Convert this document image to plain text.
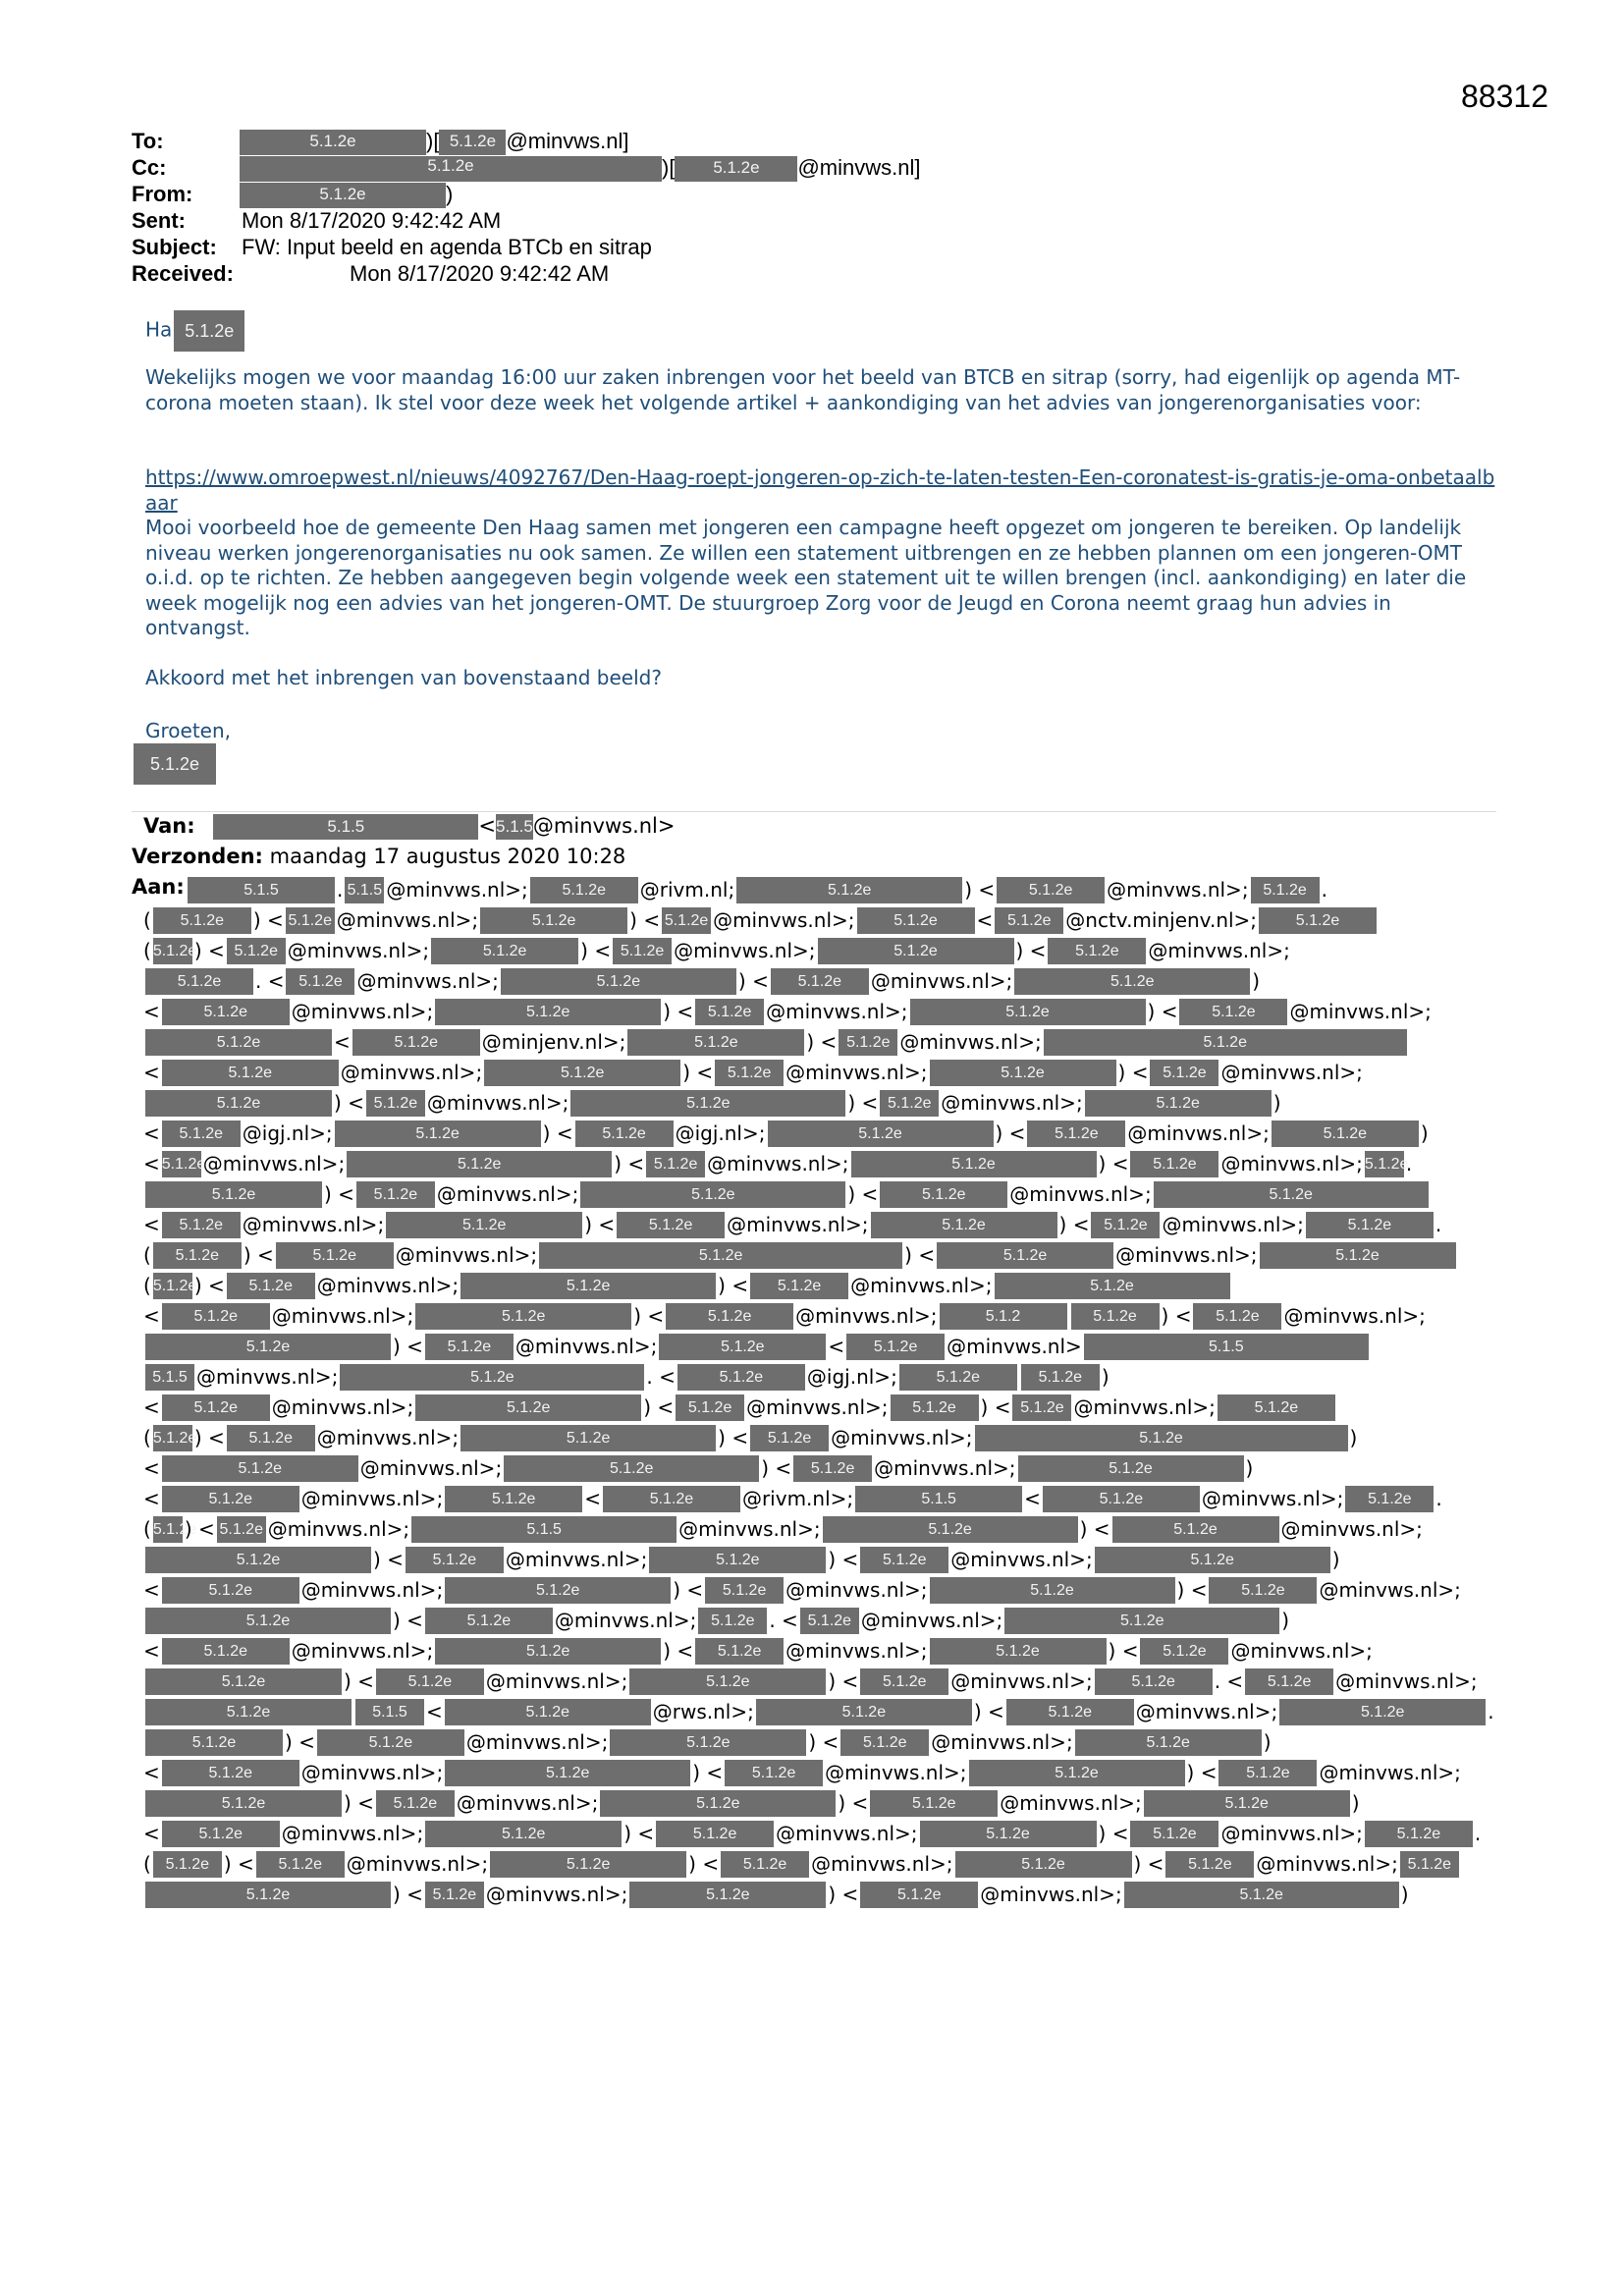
88312
To:	5.1.2e	)[ 5.1.2e @minvws.nl]
Cc:	5.1.2e	)[ 5.1.2e @minvws.nl]
From:	5.1.2e	)
Sent:	Mon 8/17/2020 9:42:42 AM
Subject: FW: Input beeld en agenda BTCb en sitrap
Received:	Mon 8/17/2020 9:42:42 AM
Ha 5.1.2e
Wekelijks mogen we voor maandag 16:00 uur zaken inbrengen voor het beeld van BTCB en sitrap (sorry, had eigenlijk op agenda MT-corona moeten staan). Ik stel voor deze week het volgende artikel + aankondiging van het advies van jongerenorganisaties voor:
https://www.omroepwest.nl/nieuws/4092767/Den-Haag-roept-jongeren-op-zich-te-laten-testen-Een-coronatest-is-gratis-je-oma-onbetaalbaar
Mooi voorbeeld hoe de gemeente Den Haag samen met jongeren een campagne heeft opgezet om jongeren te bereiken. Op landelijk niveau werken jongerenorganisaties nu ook samen. Ze willen een statement uitbrengen en ze hebben plannen om een jongeren-OMT o.i.d. op te richten. Ze hebben aangegeven begin volgende week een statement uit te willen brengen (incl. aankondiging) en later die week mogelijk nog een advies van het jongeren-OMT. De stuurgroep Zorg voor de Jeugd en Corona neemt graag hun advies in ontvangst.
Akkoord met het inbrengen van bovenstaand beeld?
Groeten,
5.1.2e
Van:	5.1.5	<5.1.5@minvws.nl>
Verzonden: maandag 17 augustus 2020 10:28
Aan:	5.1.5	. 5.1.5 @minvws.nl>; 5.1.2e @rivm.nl;	5.1.2e	) < 5.1.2e @minvws.nl>; 5.1.2e .
( 5.1.2e ) < 5.1.2e @minvws.nl>;	5.1.2e	) < 5.1.2e @minvws.nl>; 5.1.2e < 5.1.2e @nctv.minjenv.nl>; 5.1.2e
( 5.1.2e) < 5.1.2e @minvws.nl>;	5.1.2e	) < 5.1.2e @minvws.nl>;	5.1.2e	) < 5.1.2e @minvws.nl>;
5.1.2e . < 5.1.2e @minvws.nl>;	5.1.2e	) < 5.1.2e @minvws.nl>;	5.1.2e	)
<	5.1.2e @minvws.nl>;	5.1.2e	) < 5.1.2e @minvws.nl>;	5.1.2e	) < 5.1.2e @minvws.nl>;
5.1.2e	<	5.1.2e @minjenv.nl>;	5.1.2e	) < 5.1.2e @minvws.nl>;	5.1.2e
<	5.1.2e	@minvws.nl>;	5.1.2e	) < 5.1.2e @minvws.nl>;	5.1.2e	) < 5.1.2e @minvws.nl>;
5.1.2e	) < 5.1.2e @minvws.nl>;	5.1.2e	) < 5.1.2e @minvws.nl>;	5.1.2e	)
< 5.1.2e @igj.nl>;	5.1.2e	) < 5.1.2e @igj.nl>;	5.1.2e	) < 5.1.2e @minvws.nl>;	5.1.2e	)
< 5.1.2e@minvws.nl>;	5.1.2e	) < 5.1.2e @minvws.nl>;	5.1.2e	) < 5.1.2e @minvws.nl>; 5.1.2e.
5.1.2e	) < 5.1.2e @minvws.nl>;	5.1.2e	) <	5.1.2e @minvws.nl>;	5.1.2e
< 5.1.2e @minvws.nl>;	5.1.2e	) < 5.1.2e @minvws.nl>;	5.1.2e	) < 5.1.2e @minvws.nl>;	5.1.2e .
( 5.1.2e ) < 5.1.2e @minvws.nl>;	5.1.2e	) <	5.1.2e	@minvws.nl>;	5.1.2e
( 5.1.2e) < 5.1.2e @minvws.nl>;	5.1.2e	) < 5.1.2e @minvws.nl>;	5.1.2e
< 5.1.2e @minvws.nl>;	5.1.2e	) <	5.1.2e @minvws.nl>;	5.1.2	5.1.2e ) < 5.1.2e @minvws.nl>;
5.1.2e	) < 5.1.2e @minvws.nl>;	5.1.2e	< 5.1.2e @minvws.nl>	5.1.5
5.1.5 @minvws.nl>;	5.1.2e	. <	5.1.2e @igj.nl>; 5.1.2e	5.1.2e )
< 5.1.2e @minvws.nl>;	5.1.2e	) < 5.1.2e @minvws.nl>; 5.1.2e ) < 5.1.2e @minvws.nl>; 5.1.2e
( 5.1.2e) < 5.1.2e @minvws.nl>;	5.1.2e	) < 5.1.2e @minvws.nl>;	5.1.2e	)
<	5.1.2e	@minvws.nl>;	5.1.2e	) < 5.1.2e @minvws.nl>;	5.1.2e	)
<	5.1.2e @minvws.nl>;	5.1.2e <	5.1.2e @rivm.nl>;	5.1.5	<	5.1.2e	@minvws.nl>; 5.1.2e .
( 5.1.2e) < 5.1.2e @minvws.nl>;	5.1.5	@minvws.nl>;	5.1.2e	) <	5.1.2e	@minvws.nl>;
5.1.2e	) < 5.1.2e @minvws.nl>;	5.1.2e	) < 5.1.2e @minvws.nl>;	5.1.2e	)
<	5.1.2e @minvws.nl>;	5.1.2e	) < 5.1.2e @minvws.nl>;	5.1.2e	) < 5.1.2e @minvws.nl>;
5.1.2e	) <	5.1.2e @minvws.nl>; 5.1.2e . < 5.1.2e @minvws.nl>;	5.1.2e	)
<	5.1.2e @minvws.nl>;	5.1.2e	) < 5.1.2e @minvws.nl>;	5.1.2e	) < 5.1.2e @minvws.nl>;
5.1.2e	) < 5.1.2e @minvws.nl>;	5.1.2e	) < 5.1.2e @minvws.nl>; 5.1.2e . < 5.1.2e @minvws.nl>;
5.1.2e	5.1.5 <	5.1.2e	@rws.nl>;	5.1.2e	) <	5.1.2e @minvws.nl>;	5.1.2e	.
5.1.2e ) <	5.1.2e	@minvws.nl>;	5.1.2e	) < 5.1.2e @minvws.nl>;	5.1.2e	)
<	5.1.2e @minvws.nl>;	5.1.2e	) < 5.1.2e @minvws.nl>;	5.1.2e	) < 5.1.2e @minvws.nl>;
5.1.2e	) < 5.1.2e @minvws.nl>;	5.1.2e	) <	5.1.2e @minvws.nl>;	5.1.2e	)
< 5.1.2e @minvws.nl>;	5.1.2e	) < 5.1.2e @minvws.nl>;	5.1.2e	) < 5.1.2e @minvws.nl>; 5.1.2e .
( 5.1.2e ) < 5.1.2e @minvws.nl>;	5.1.2e	) < 5.1.2e @minvws.nl>;	5.1.2e	) < 5.1.2e @minvws.nl>; 5.1.2e
5.1.2e	) < 5.1.2e @minvws.nl>;	5.1.2e	) < 5.1.2e @minvws.nl>;	5.1.2e	)
